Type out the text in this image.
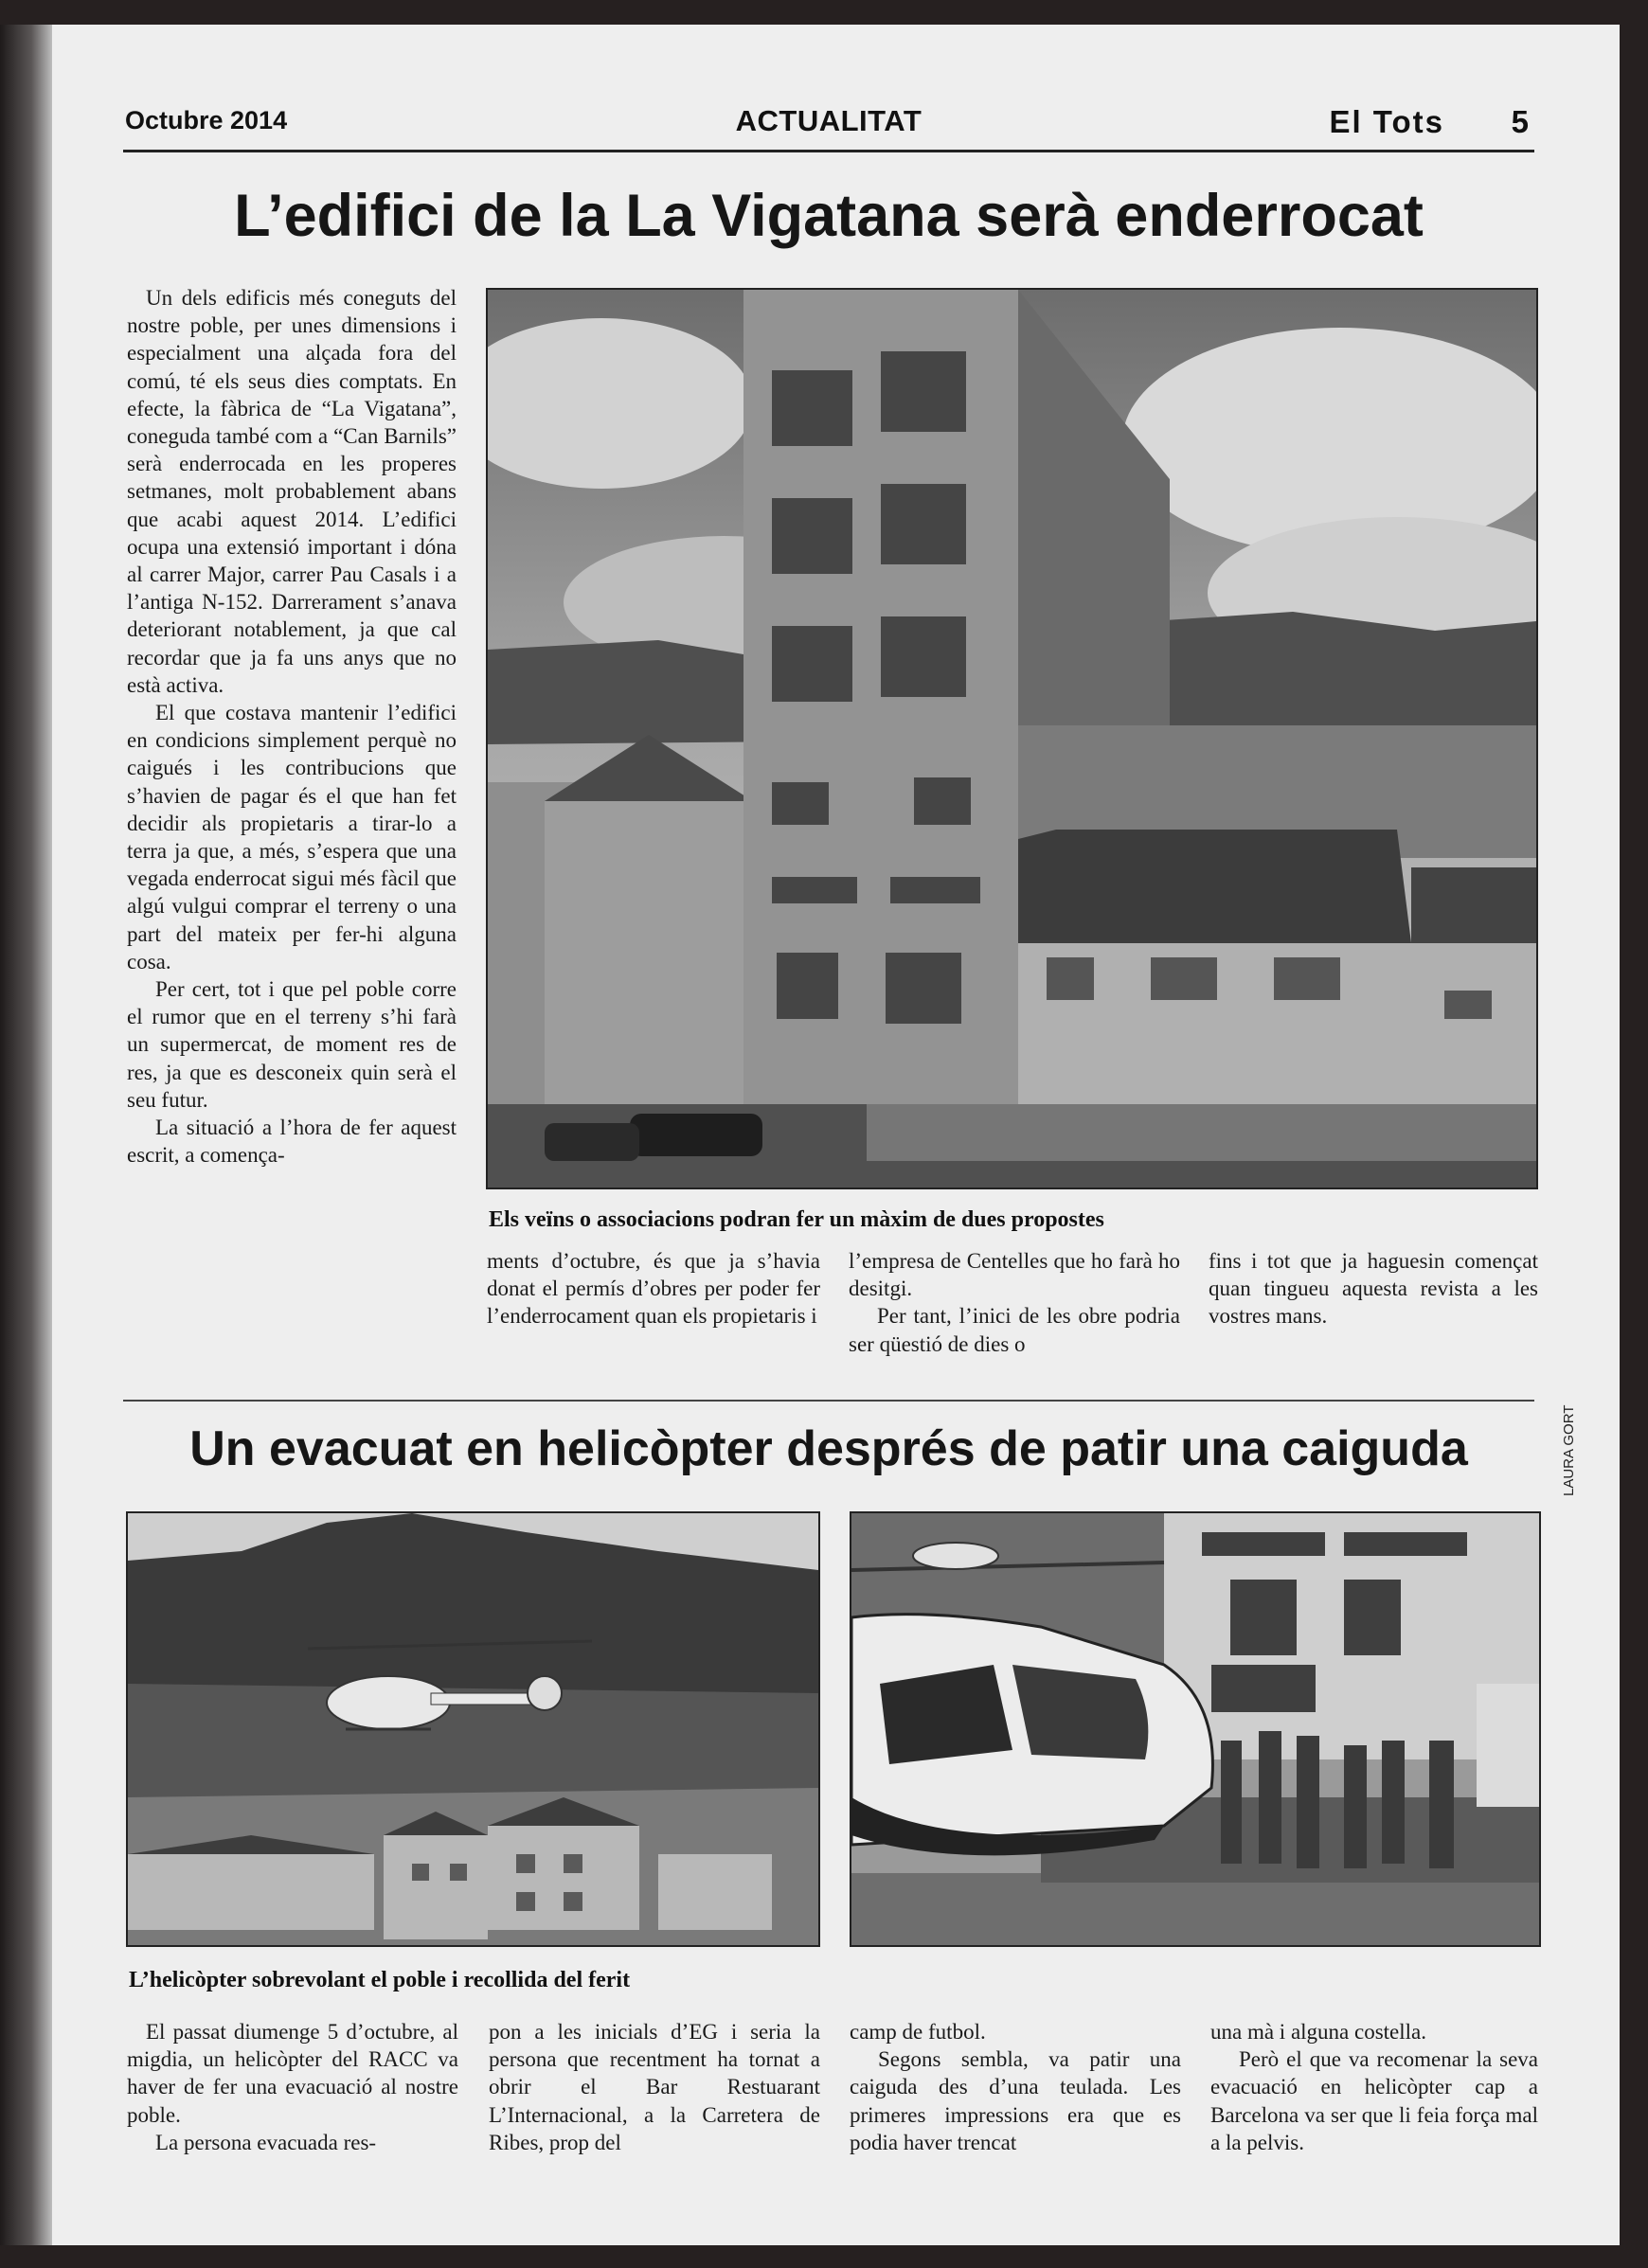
Octubre 2014	ACTUALITAT	El Tots 5
L’edifici de la La Vigatana serà enderrocat

Un dels edificis més coneguts del nostre poble, per unes dimensions i especialment una alçada fora del comú, té els seus dies comptats. En efecte, la fàbrica de “La Vigatana”, coneguda també com a “Can Barnils” serà enderrocada en les properes setmanes, molt probablement abans que acabi aquest 2014. L’edifici ocupa una extensió important i dóna al carrer Major, carrer Pau Casals i a l’antiga N-152. Darrerament s’anava deteriorant notablement, ja que cal recordar que ja fa uns anys que no està activa.

El que costava mantenir l’edifici en condicions simplement perquè no caigués i les contribucions que s’havien de pagar és el que han fet decidir als propietaris a tirar-lo a terra ja que, a més, s’espera que una vegada enderrocat sigui més fàcil que algú vulgui comprar el terreny o una part del mateix per fer-hi alguna cosa.

Per cert, tot i que pel poble corre el rumor que en el terreny s’hi farà un supermercat, de moment res de res, ja que es desconeix quin serà el seu futur.

La situació a l’hora de fer aquest escrit, a comença-

Els veïns o associacions podran fer un màxim de dues propostes

ments d’octubre, és que ja s’havia donat el permís d’obres per poder fer l’enderrocament quan els propietaris i

l’empresa de Centelles que ho farà ho desitgi.

Per tant, l’inici de les obre podria ser qüestió de dies o

fins i tot que ja haguesin començat quan tingueu aquesta revista a les vostres mans.

Un evacuat en helicòpter després de patir una caiguda	LAURA GORT
L’helicòpter sobrevolant el poble i recollida del ferit

El passat diumenge 5 d’octubre, al migdia, un helicòpter del RACC va haver de fer una evacuació al nostre poble.

La persona evacuada res-

pon a les inicials d’EG i seria la persona que recentment ha tornat a obrir el Bar Restuarant L’Internacional, a la Carretera de Ribes, prop del

camp de futbol.

Segons sembla, va patir una caiguda des d’una teulada. Les primeres impressions era que es podia haver trencat

una mà i alguna costella.

Però el que va recomenar la seva evacuació en helicòpter cap a Barcelona va ser que li feia força mal a la pelvis.
